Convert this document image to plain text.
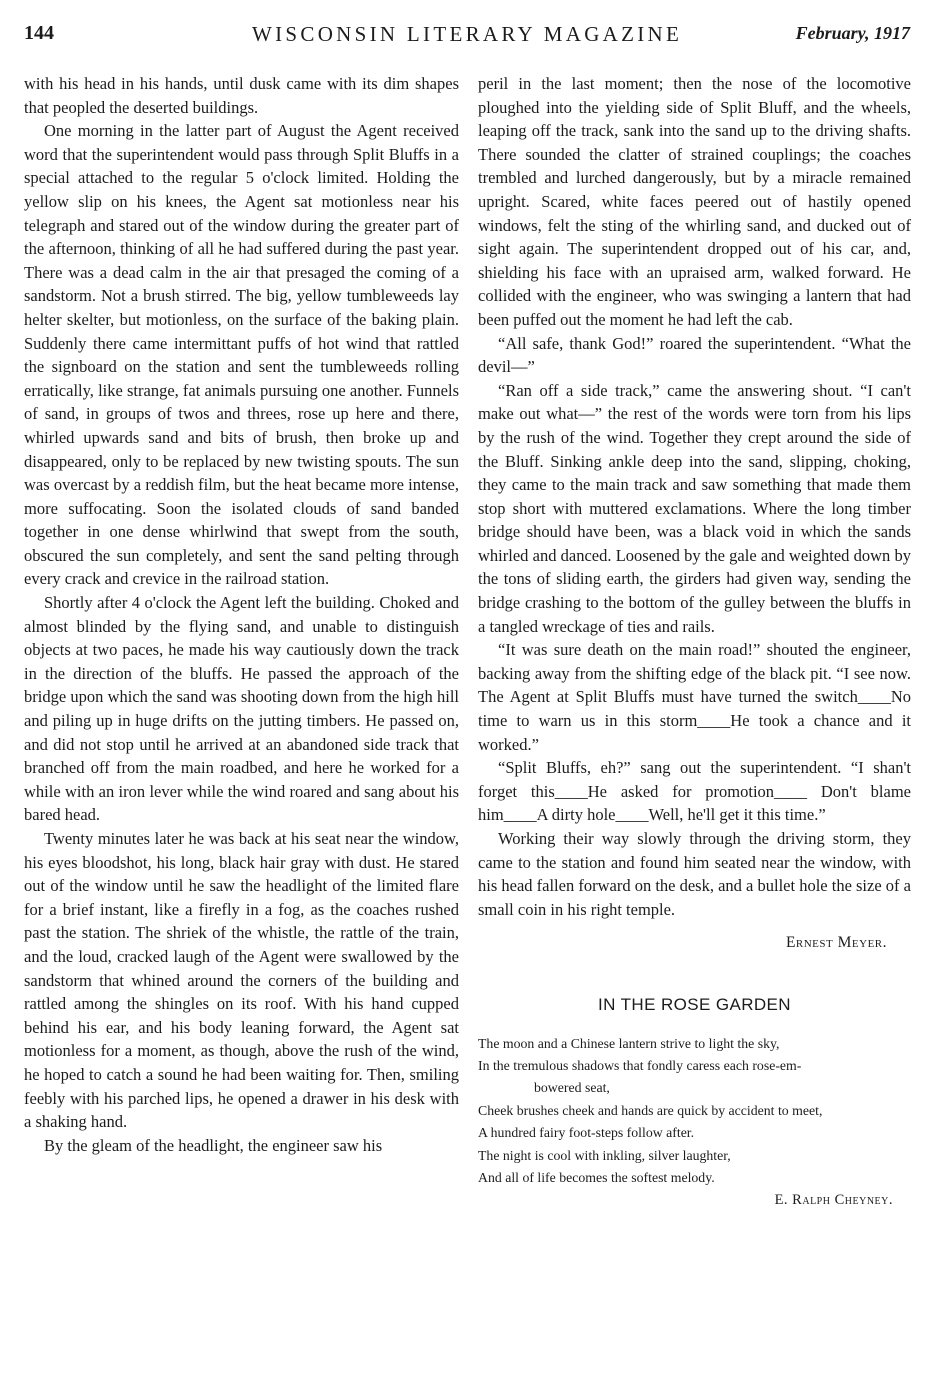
144	WISCONSIN LITERARY MAGAZINE	February, 1917

with his head in his hands, until dusk came with its dim shapes that peopled the deserted buildings.

One morning in the latter part of August the Agent received word that the superintendent would pass through Split Bluffs in a special attached to the regular 5 o'clock limited. Holding the yellow slip on his knees, the Agent sat motionless near his telegraph and stared out of the window during the greater part of the afternoon, thinking of all he had suffered during the past year. There was a dead calm in the air that presaged the coming of a sandstorm. Not a brush stirred. The big, yellow tumbleweeds lay helter skelter, but motionless, on the surface of the baking plain. Suddenly there came intermittant puffs of hot wind that rattled the signboard on the station and sent the tumbleweeds rolling erratically, like strange, fat animals pursuing one another. Funnels of sand, in groups of twos and threes, rose up here and there, whirled upwards sand and bits of brush, then broke up and disappeared, only to be replaced by new twisting spouts. The sun was overcast by a reddish film, but the heat became more intense, more suffocating. Soon the isolated clouds of sand banded together in one dense whirlwind that swept from the south, obscured the sun completely, and sent the sand pelting through every crack and crevice in the railroad station.

Shortly after 4 o'clock the Agent left the building. Choked and almost blinded by the flying sand, and unable to distinguish objects at two paces, he made his way cautiously down the track in the direction of the bluffs. He passed the approach of the bridge upon which the sand was shooting down from the high hill and piling up in huge drifts on the jutting timbers. He passed on, and did not stop until he arrived at an abandoned side track that branched off from the main roadbed, and here he worked for a while with an iron lever while the wind roared and sang about his bared head.

Twenty minutes later he was back at his seat near the window, his eyes bloodshot, his long, black hair gray with dust. He stared out of the window until he saw the headlight of the limited flare for a brief instant, like a firefly in a fog, as the coaches rushed past the station. The shriek of the whistle, the rattle of the train, and the loud, cracked laugh of the Agent were swallowed by the sandstorm that whined around the corners of the building and rattled among the shingles on its roof. With his hand cupped behind his ear, and his body leaning forward, the Agent sat motionless for a moment, as though, above the rush of the wind, he hoped to catch a sound he had been waiting for. Then, smiling feebly with his parched lips, he opened a drawer in his desk with a shaking hand.

By the gleam of the headlight, the engineer saw his

peril in the last moment; then the nose of the locomotive ploughed into the yielding side of Split Bluff, and the wheels, leaping off the track, sank into the sand up to the driving shafts. There sounded the clatter of strained couplings; the coaches trembled and lurched dangerously, but by a miracle remained upright. Scared, white faces peered out of hastily opened windows, felt the sting of the whirling sand, and ducked out of sight again. The superintendent dropped out of his car, and, shielding his face with an upraised arm, walked forward. He collided with the engineer, who was swinging a lantern that had been puffed out the moment he had left the cab.

“All safe, thank God!” roared the superintendent. “What the devil—”

“Ran off a side track,” came the answering shout. “I can't make out what—” the rest of the words were torn from his lips by the rush of the wind. Together they crept around the side of the Bluff. Sinking ankle deep into the sand, slipping, choking, they came to the main track and saw something that made them stop short with muttered exclamations. Where the long timber bridge should have been, was a black void in which the sands whirled and danced. Loosened by the gale and weighted down by the tons of sliding earth, the girders had given way, sending the bridge crashing to the bottom of the gulley between the bluffs in a tangled wreckage of ties and rails.

“It was sure death on the main road!” shouted the engineer, backing away from the shifting edge of the black pit. “I see now. The Agent at Split Bluffs must have turned the switch____No time to warn us in this storm____He took a chance and it worked.”

“Split Bluffs, eh?” sang out the superintendent. “I shan't forget this____He asked for promotion____ Don't blame him____A dirty hole____Well, he'll get it this time.”

Working their way slowly through the driving storm, they came to the station and found him seated near the window, with his head fallen forward on the desk, and a bullet hole the size of a small coin in his right temple.

Ernest Meyer.
IN THE ROSE GARDEN
The moon and a Chinese lantern strive to light the sky,
In the tremulous shadows that fondly caress each rose-em-
bowered seat,
Cheek brushes cheek and hands are quick by accident to meet,
A hundred fairy foot-steps follow after.
The night is cool with inkling, silver laughter,
And all of life becomes the softest melody.
E. Ralph Cheyney.
